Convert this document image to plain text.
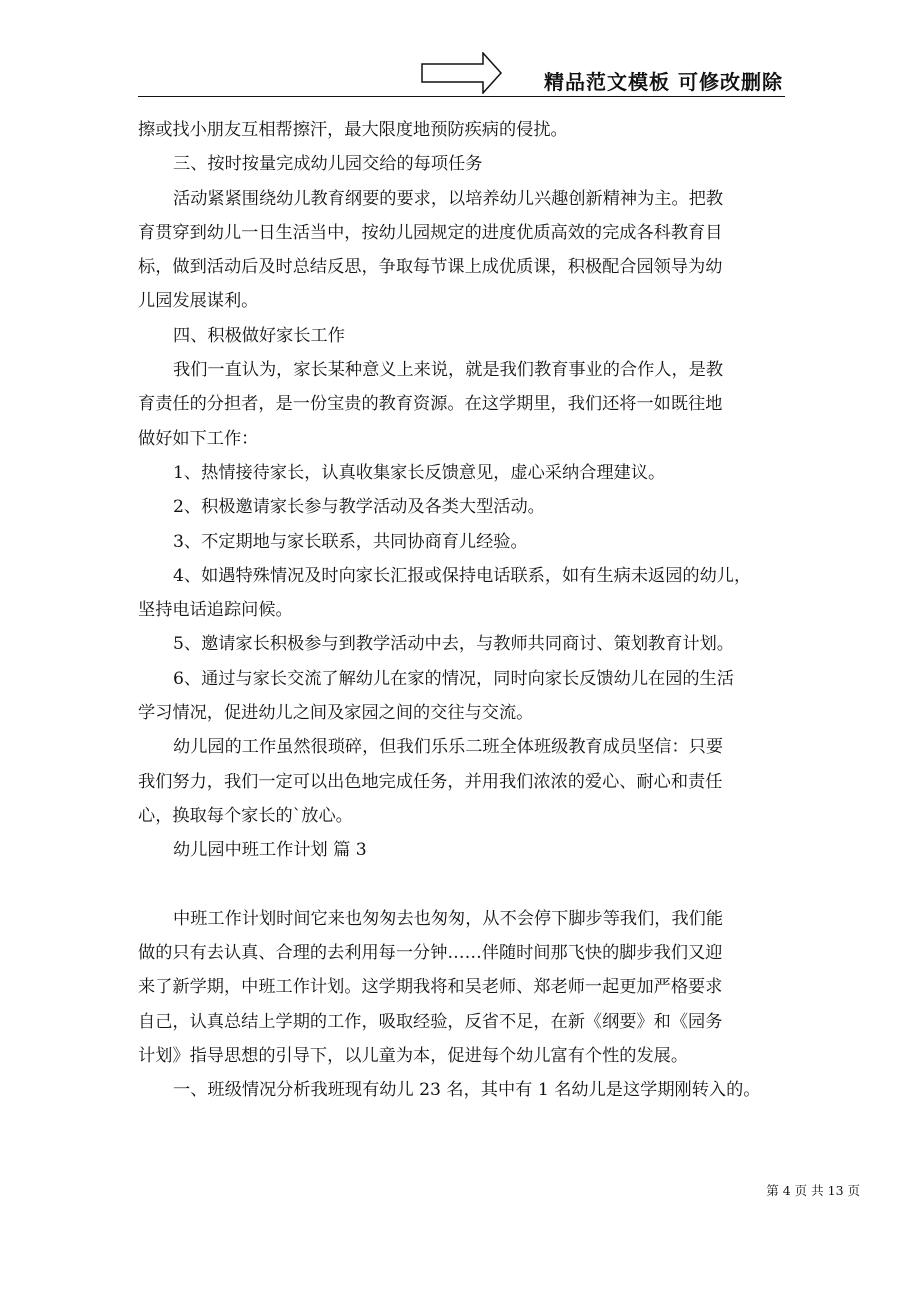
精品范文模板 可修改删除
擦或找小朋友互相帮擦汗，最大限度地预防疾病的侵扰。
三、按时按量完成幼儿园交给的每项任务
活动紧紧围绕幼儿教育纲要的要求，以培养幼儿兴趣创新精神为主。把教
育贯穿到幼儿一日生活当中，按幼儿园规定的进度优质高效的完成各科教育目
标，做到活动后及时总结反思，争取每节课上成优质课，积极配合园领导为幼
儿园发展谋利。
四、积极做好家长工作
我们一直认为，家长某种意义上来说，就是我们教育事业的合作人，是教
育责任的分担者，是一份宝贵的教育资源。在这学期里，我们还将一如既往地
做好如下工作：
1、热情接待家长，认真收集家长反馈意见，虚心采纳合理建议。
2、积极邀请家长参与教学活动及各类大型活动。
3、不定期地与家长联系，共同协商育儿经验。
4、如遇特殊情况及时向家长汇报或保持电话联系，如有生病未返园的幼儿，
坚持电话追踪问候。
5、邀请家长积极参与到教学活动中去，与教师共同商讨、策划教育计划。
6、通过与家长交流了解幼儿在家的情况，同时向家长反馈幼儿在园的生活
学习情况，促进幼儿之间及家园之间的交往与交流。
幼儿园的工作虽然很琐碎，但我们乐乐二班全体班级教育成员坚信：只要
我们努力，我们一定可以出色地完成任务，并用我们浓浓的爱心、耐心和责任
心，换取每个家长的`放心。
幼儿园中班工作计划 篇 3
中班工作计划时间它来也匆匆去也匆匆，从不会停下脚步等我们，我们能
做的只有去认真、合理的去利用每一分钟……伴随时间那飞快的脚步我们又迎
来了新学期，中班工作计划。这学期我将和吴老师、郑老师一起更加严格要求
自己，认真总结上学期的工作，吸取经验，反省不足，在新《纲要》和《园务
计划》指导思想的引导下，以儿童为本，促进每个幼儿富有个性的发展。
一、班级情况分析我班现有幼儿 23 名，其中有 1 名幼儿是这学期刚转入的。
第 4 页 共 13 页
